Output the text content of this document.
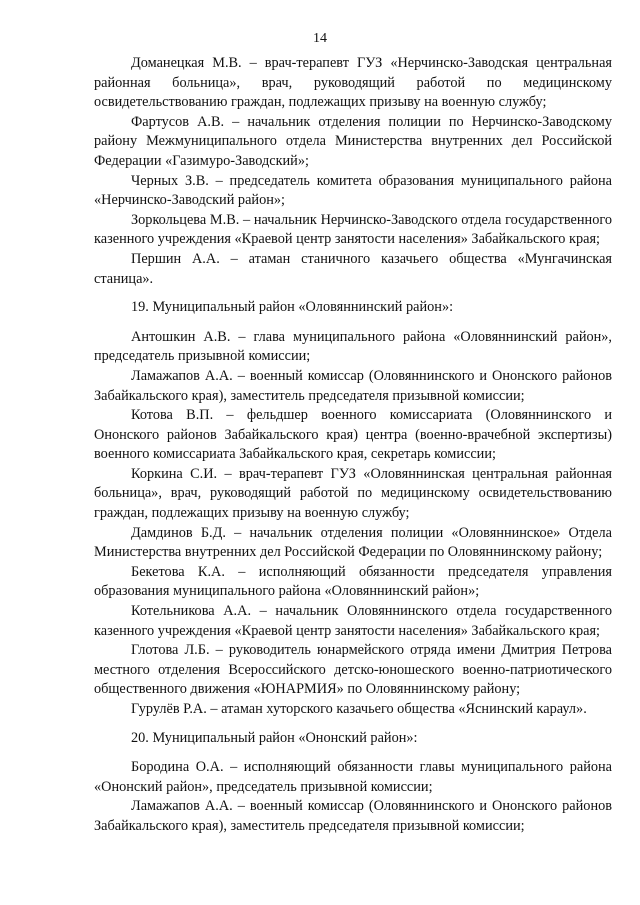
14

Доманецкая М.В. – врач-терапевт ГУЗ «Нерчинско-Заводская центральная районная больница», врач, руководящий работой по медицинскому освидетельствованию граждан, подлежащих призыву на военную службу;

Фартусов А.В. – начальник отделения полиции по Нерчинско-Заводскому району Межмуниципального отдела Министерства внутренних дел Российской Федерации «Газимуро-Заводский»;

Черных З.В. – председатель комитета образования муниципального района «Нерчинско-Заводский район»;

Зоркольцева М.В. – начальник Нерчинско-Заводского отдела государственного казенного учреждения «Краевой центр занятости населения» Забайкальского края;

Першин А.А. – атаман станичного казачьего общества «Мунгачинская станица».

19. Муниципальный район «Оловяннинский район»:

Антошкин А.В. – глава муниципального района «Оловяннинский район», председатель призывной комиссии;

Ламажапов А.А. – военный комиссар (Оловяннинского и Ононского районов Забайкальского края), заместитель председателя призывной комиссии;

Котова В.П. – фельдшер военного комиссариата (Оловяннинского и Ононского районов Забайкальского края) центра (военно-врачебной экспертизы) военного комиссариата Забайкальского края, секретарь комиссии;

Коркина С.И. – врач-терапевт ГУЗ «Оловяннинская центральная районная больница», врач, руководящий работой по медицинскому освидетельствованию граждан, подлежащих призыву на военную службу;

Дамдинов Б.Д. – начальник отделения полиции «Оловяннинское» Отдела Министерства внутренних дел Российской Федерации по Оловяннинскому району;

Бекетова К.А. – исполняющий обязанности председателя управления образования муниципального района «Оловяннинский район»;

Котельникова А.А. – начальник Оловяннинского отдела государственного казенного учреждения «Краевой центр занятости населения» Забайкальского края;

Глотова Л.Б. – руководитель юнармейского отряда имени Дмитрия Петрова местного отделения Всероссийского детско-юношеского военно-патриотического общественного движения «ЮНАРМИЯ» по Оловяннинскому району;

Гурулёв Р.А. – атаман хуторского казачьего общества «Яснинский караул».

20. Муниципальный район «Ононский район»:

Бородина О.А. – исполняющий обязанности главы муниципального района «Ононский район», председатель призывной комиссии;

Ламажапов А.А. – военный комиссар (Оловяннинского и Ононского районов Забайкальского края), заместитель председателя призывной комиссии;
